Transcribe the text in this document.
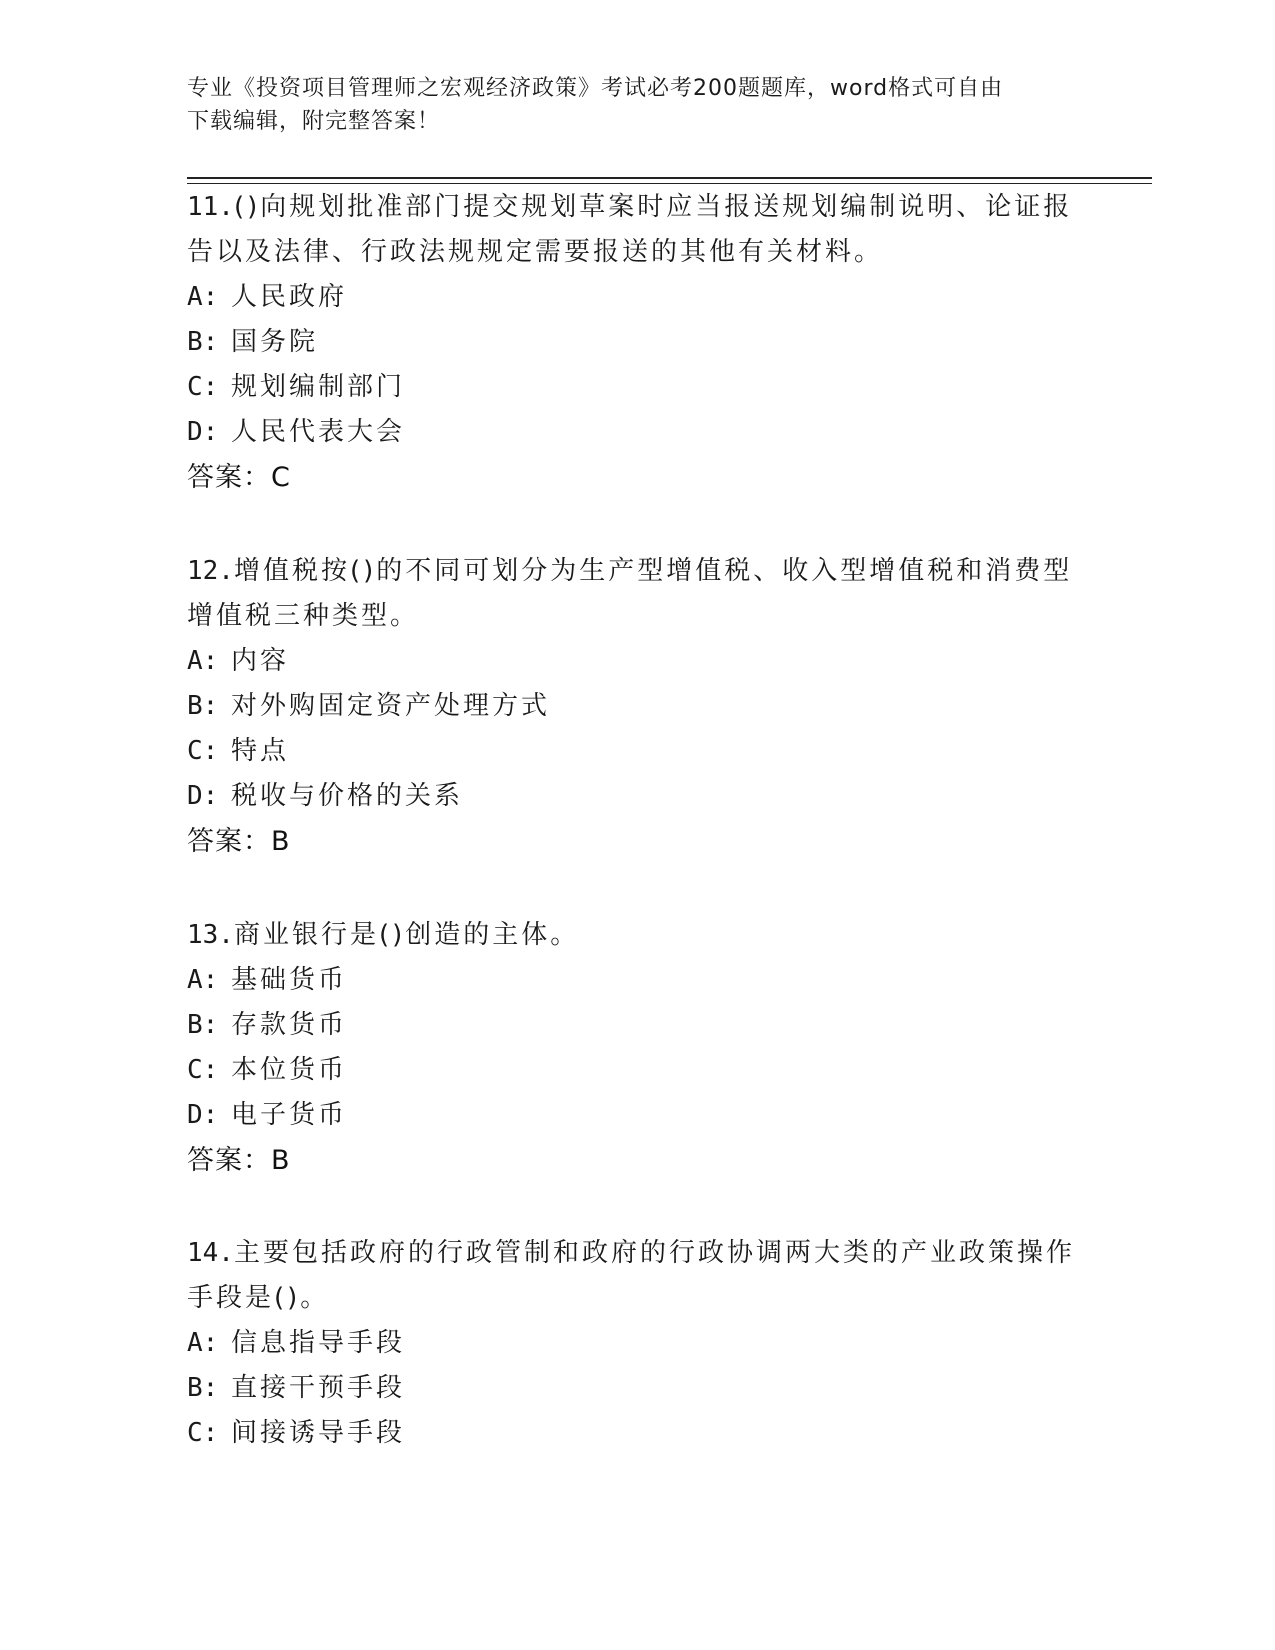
专业《投资项目管理师之宏观经济政策》考试必考200题题库，word格式可自由
下载编辑，附完整答案！
11.()向规划批准部门提交规划草案时应当报送规划编制说明、论证报
告以及法律、行政法规规定需要报送的其他有关材料。
A: 人民政府
B: 国务院
C: 规划编制部门
D: 人民代表大会
答案：C
12.增值税按()的不同可划分为生产型增值税、收入型增值税和消费型
增值税三种类型。
A: 内容
B: 对外购固定资产处理方式
C: 特点
D: 税收与价格的关系
答案：B
13.商业银行是()创造的主体。
A: 基础货币
B: 存款货币
C: 本位货币
D: 电子货币
答案：B
14.主要包括政府的行政管制和政府的行政协调两大类的产业政策操作
手段是()。
A: 信息指导手段
B: 直接干预手段
C: 间接诱导手段
